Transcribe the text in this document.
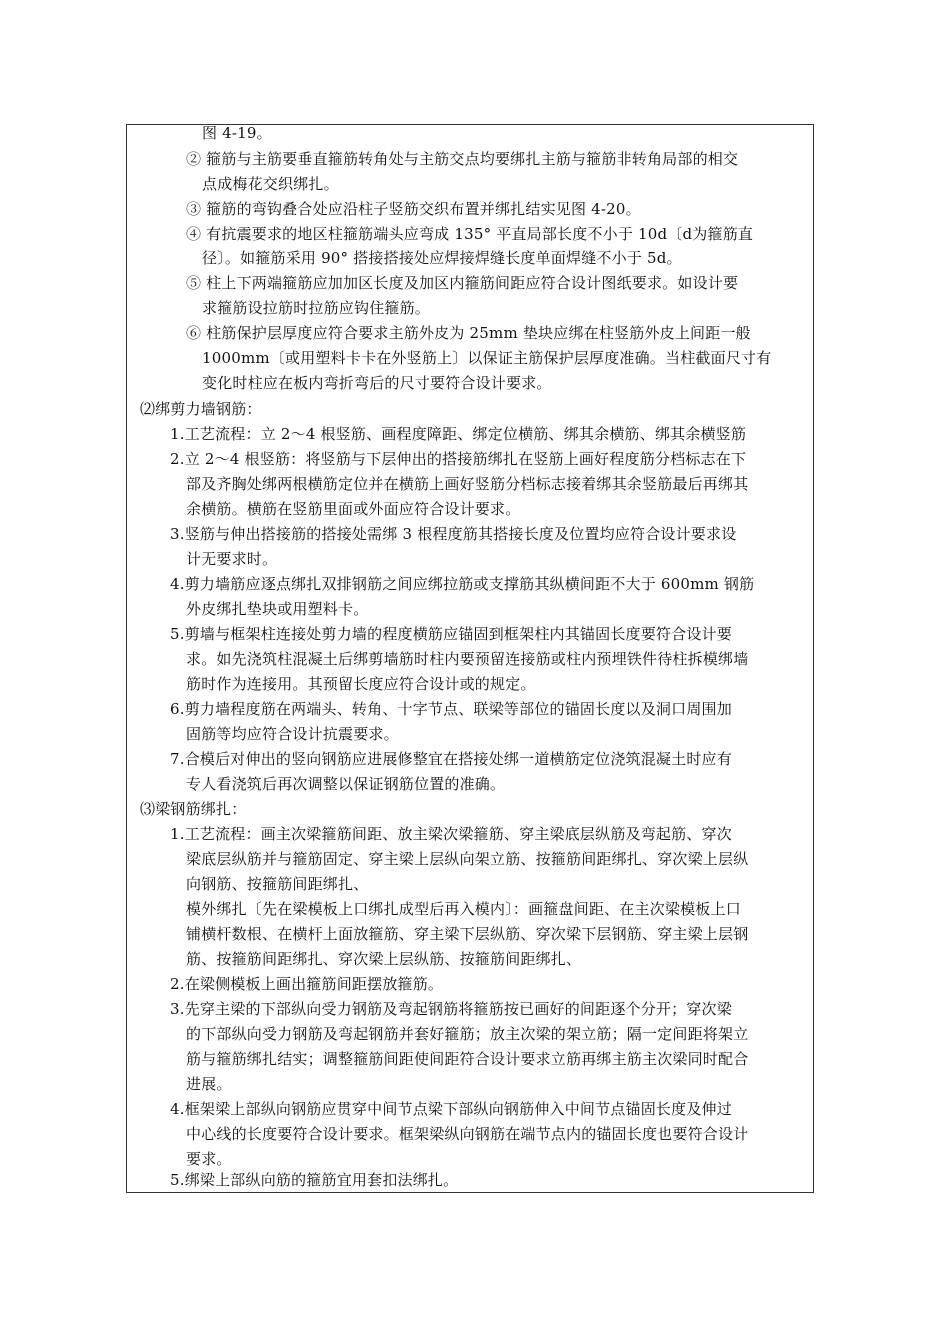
图 4-19。
② 箍筋与主筋要垂直箍筋转角处与主筋交点均要绑扎主筋与箍筋非转角局部的相交
点成梅花交织绑扎。
③ 箍筋的弯钩叠合处应沿柱子竖筋交织布置并绑扎结实见图 4-20。
④ 有抗震要求的地区柱箍筋端头应弯成 135° 平直局部长度不小于 10d〔d为箍筋直
径〕。如箍筋采用 90° 搭接搭接处应焊接焊缝长度单面焊缝不小于 5d。
⑤ 柱上下两端箍筋应加加区长度及加区内箍筋间距应符合设计图纸要求。如设计要
求箍筋设拉筋时拉筋应钩住箍筋。
⑥ 柱筋保护层厚度应符合要求主筋外皮为 25mm 垫块应绑在柱竖筋外皮上间距一般
1000mm〔或用塑料卡卡在外竖筋上〕以保证主筋保护层厚度准确。当柱截面尺寸有
变化时柱应在板内弯折弯后的尺寸要符合设计要求。
⑵绑剪力墙钢筋：
1.工艺流程：立 2～4 根竖筋、画程度障距、绑定位横筋、绑其余横筋、绑其余横竖筋
2.立 2～4 根竖筋：将竖筋与下层伸出的搭接筋绑扎在竖筋上画好程度筋分档标志在下
部及齐胸处绑两根横筋定位并在横筋上画好竖筋分档标志接着绑其余竖筋最后再绑其
余横筋。横筋在竖筋里面或外面应符合设计要求。
3.竖筋与伸出搭接筋的搭接处需绑 3 根程度筋其搭接长度及位置均应符合设计要求设
计无要求时。
4.剪力墙筋应逐点绑扎双排钢筋之间应绑拉筋或支撑筋其纵横间距不大于 600mm 钢筋
外皮绑扎垫块或用塑料卡。
5.剪墙与框架柱连接处剪力墙的程度横筋应锚固到框架柱内其锚固长度要符合设计要
求。如先浇筑柱混凝土后绑剪墙筋时柱内要预留连接筋或柱内预埋铁件待柱拆模绑墙
筋时作为连接用。其预留长度应符合设计或的规定。
6.剪力墙程度筋在两端头、转角、十字节点、联梁等部位的锚固长度以及洞口周围加
固筋等均应符合设计抗震要求。
7.合模后对伸出的竖向钢筋应进展修整宜在搭接处绑一道横筋定位浇筑混凝土时应有
专人看浇筑后再次调整以保证钢筋位置的准确。
⑶梁钢筋绑扎：
1.工艺流程：画主次梁箍筋间距、放主梁次梁箍筋、穿主梁底层纵筋及弯起筋、穿次
梁底层纵筋并与箍筋固定、穿主梁上层纵向架立筋、按箍筋间距绑扎、穿次梁上层纵
向钢筋、按箍筋间距绑扎、
模外绑扎〔先在梁模板上口绑扎成型后再入模内〕：画箍盘间距、在主次梁模板上口
铺横杆数根、在横杆上面放箍筋、穿主梁下层纵筋、穿次梁下层钢筋、穿主梁上层钢
筋、按箍筋间距绑扎、穿次梁上层纵筋、按箍筋间距绑扎、
2.在梁侧模板上画出箍筋间距摆放箍筋。
3.先穿主梁的下部纵向受力钢筋及弯起钢筋将箍筋按已画好的间距逐个分开；穿次梁
的下部纵向受力钢筋及弯起钢筋并套好箍筋；放主次梁的架立筋；隔一定间距将架立
筋与箍筋绑扎结实；调整箍筋间距使间距符合设计要求立筋再绑主筋主次梁同时配合
进展。
4.框架梁上部纵向钢筋应贯穿中间节点梁下部纵向钢筋伸入中间节点锚固长度及伸过
中心线的长度要符合设计要求。框架梁纵向钢筋在端节点内的锚固长度也要符合设计
要求。
5.绑梁上部纵向筋的箍筋宜用套扣法绑扎。
